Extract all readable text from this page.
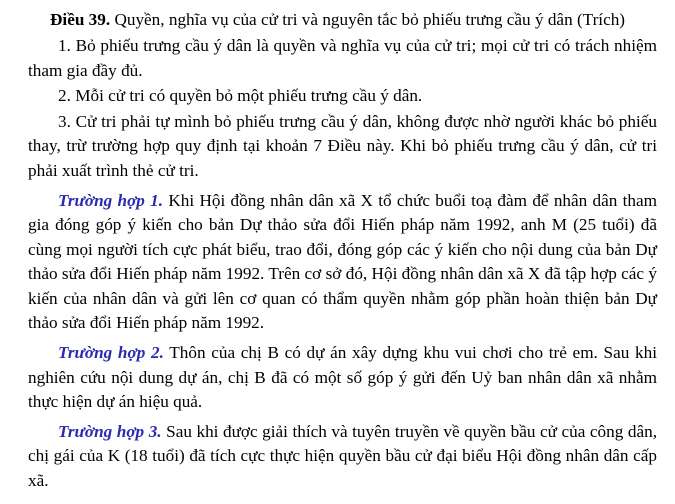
Điều 39. Quyền, nghĩa vụ của cử tri và nguyên tắc bỏ phiếu trưng cầu ý dân (Trích)

1. Bỏ phiếu trưng cầu ý dân là quyền và nghĩa vụ của cử tri; mọi cử tri có trách nhiệm tham gia đầy đủ.

2. Mỗi cử tri có quyền bỏ một phiếu trưng cầu ý dân.

3. Cử tri phải tự mình bỏ phiếu trưng cầu ý dân, không được nhờ người khác bỏ phiếu thay, trừ trường hợp quy định tại khoản 7 Điều này. Khi bỏ phiếu trưng cầu ý dân, cử tri phải xuất trình thẻ cử tri.

Trường hợp 1. Khi Hội đồng nhân dân xã X tổ chức buổi toạ đàm để nhân dân tham gia đóng góp ý kiến cho bản Dự thảo sửa đổi Hiến pháp năm 1992, anh M (25 tuổi) đã cùng mọi người tích cực phát biểu, trao đổi, đóng góp các ý kiến cho nội dung của bản Dự thảo sửa đổi Hiến pháp năm 1992. Trên cơ sở đó, Hội đồng nhân dân xã X đã tập hợp các ý kiến của nhân dân và gửi lên cơ quan có thẩm quyền nhằm góp phần hoàn thiện bản Dự thảo sửa đổi Hiến pháp năm 1992.

Trường hợp 2. Thôn của chị B có dự án xây dựng khu vui chơi cho trẻ em. Sau khi nghiên cứu nội dung dự án, chị B đã có một số góp ý gửi đến Uỷ ban nhân dân xã nhằm thực hiện dự án hiệu quả.

Trường hợp 3. Sau khi được giải thích và tuyên truyền về quyền bầu cử của công dân, chị gái của K (18 tuổi) đã tích cực thực hiện quyền bầu cử đại biểu Hội đồng nhân dân cấp xã.
